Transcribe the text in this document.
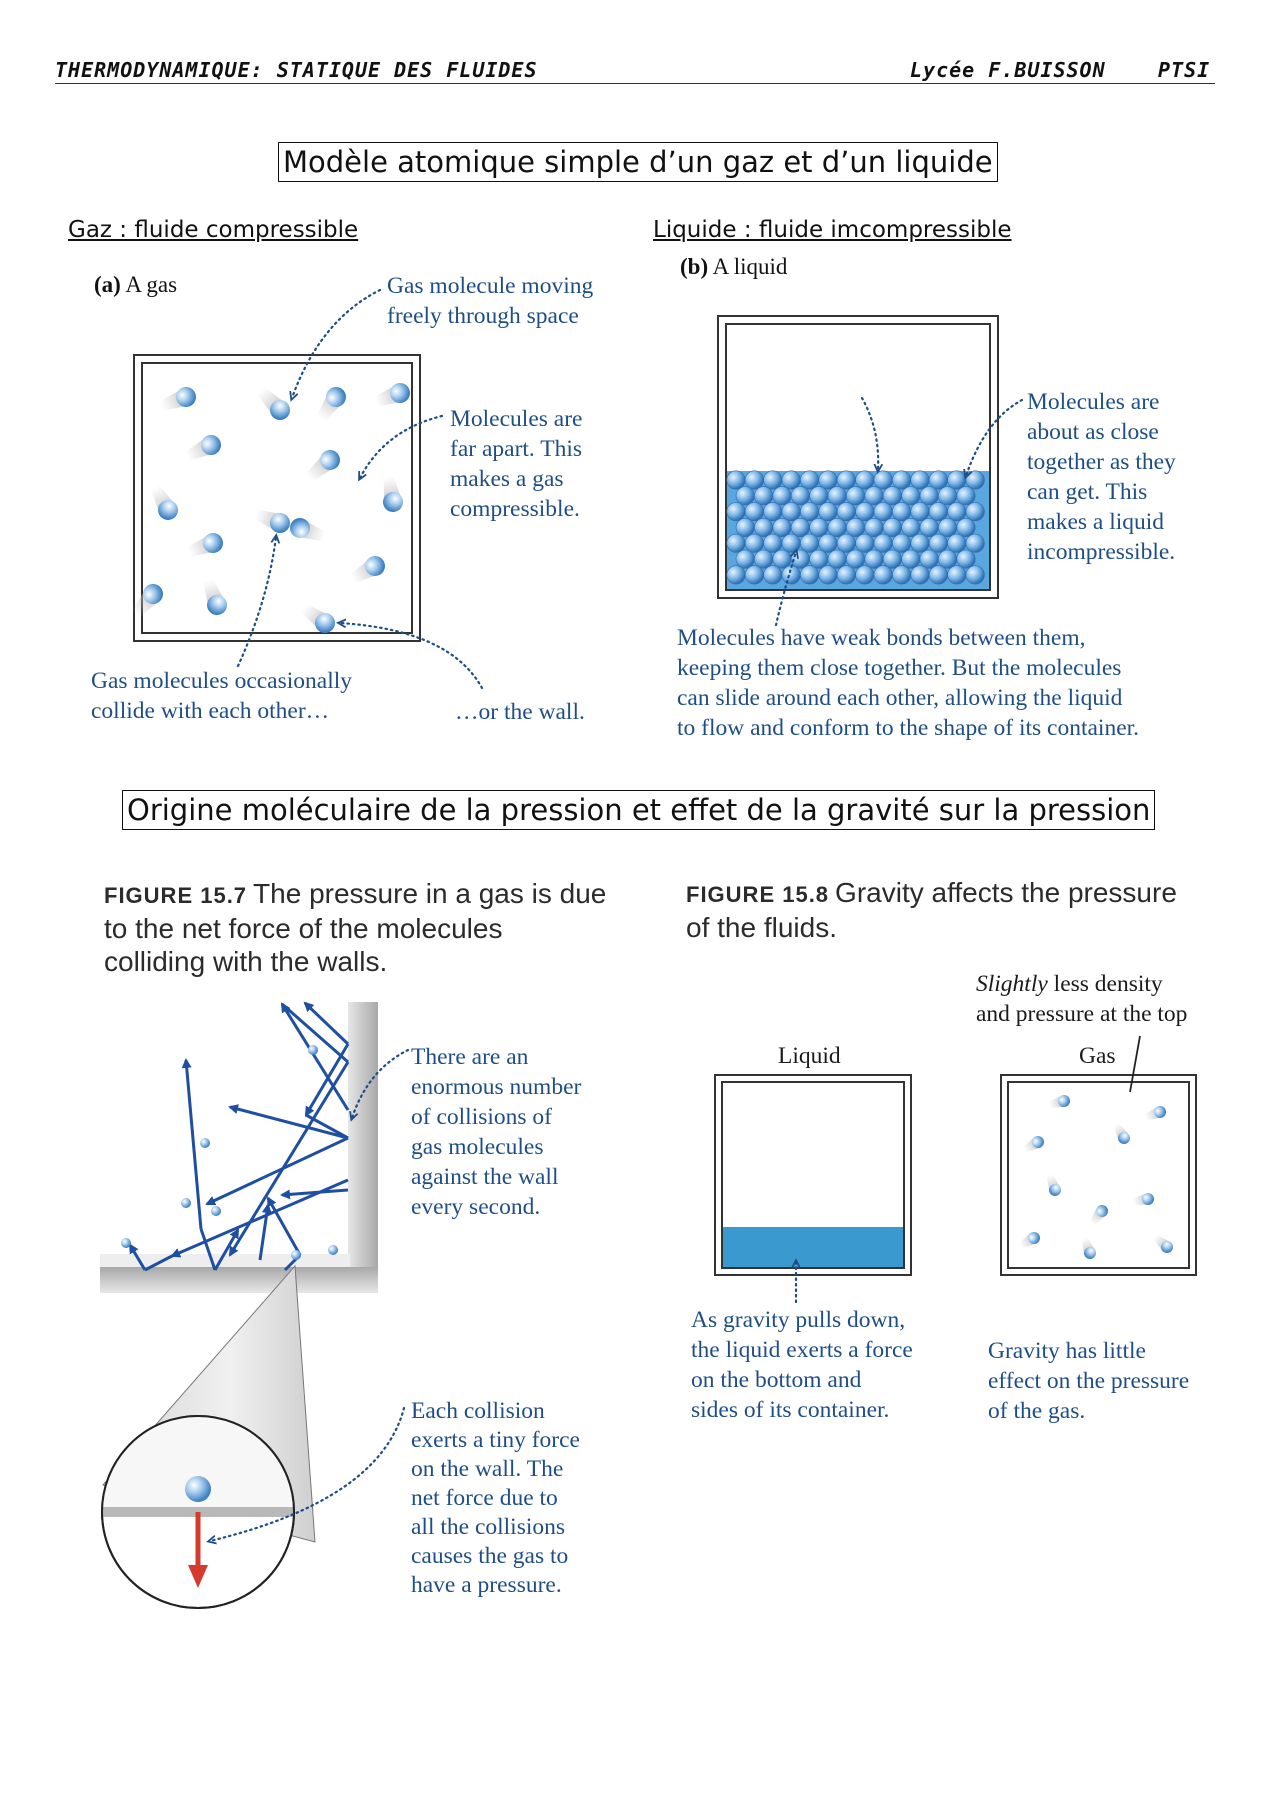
THERMODYNAMIQUE: STATIQUE DES FLUIDES	Lycée F.BUISSON	PTSI
Modèle atomique simple d’un gaz et d’un liquide
Gaz : fluide compressible	Liquide : fluide imcompressible
(a) A gas	Gas molecule moving
freely through space
Molecules are
far apart. This
makes a gas
compressible.
Gas molecules occasionally
collide with each other…	…or the wall.
(b) A liquid
Molecules are
about as close
together as they
can get. This
makes a liquid
incompressible.
Molecules have weak bonds between them,
keeping them close together. But the molecules
can slide around each other, allowing the liquid
to flow and conform to the shape of its container.
Origine moléculaire de la pression et effet de la gravité sur la pression
FIGURE 15.7 The pressure in a gas is due
to the net force of the molecules
colliding with the walls.
There are an
enormous number
of collisions of
gas molecules
against the wall
every second.
Each collision
exerts a tiny force
on the wall. The
net force due to
all the collisions
causes the gas to
have a pressure.
FIGURE 15.8 Gravity affects the pressure
of the fluids.
Slightly less density
and pressure at the top
Liquid	Gas
As gravity pulls down,
the liquid exerts a force
on the bottom and
sides of its container.
Gravity has little
effect on the pressure
of the gas.
